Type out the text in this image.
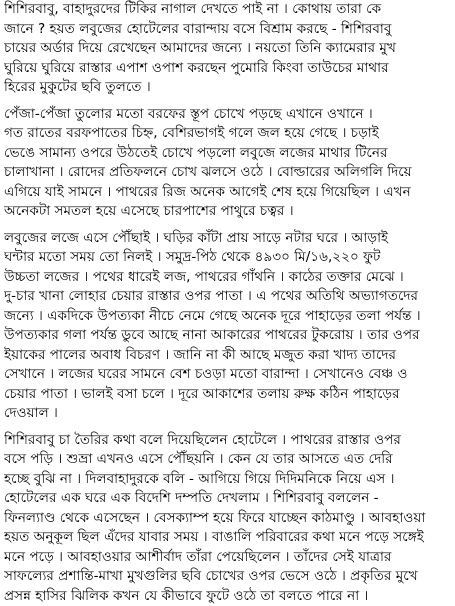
শিশিরবাবু, বাহাদুরদের টিকির নাগাল দেখতে পাই না । কোথায় তারা কে
জানে ? হয়ত লবুজের হোটেলের বারান্দায় বসে বিশ্রাম করছে - শিশিরবাবু
চায়ের অর্ডার দিয়ে রেখেছেন আমাদের জন্যে । নয়তো তিনি ক্যামেরার মুখ
ঘুরিয়ে ঘুরিয়ে রাস্তার এপাশ ওপাশ করছেন পুমোরি কিংবা তাউচের মাথার
হিরের মুকুটের ছবি তুলতে ।
পেঁজা-পেঁজা তুলোর মতো বরফের স্তূপ চোখে পড়ছে এখানে ওখানে ।
গত রাতের বরফপাতের চিহ্ন, বেশিরভাগই গলে জল হয়ে গেছে । চড়াই
ভেঙে সামান্য ওপরে উঠতেই চোখে পড়লো লবুজে লজের মাথার টিনের
চালাখানা । রোদের প্রতিফলনে চোখ ঝলসে ওঠে । বোল্ডারের অলিগলি দিয়ে
এগিয়ে যাই সামনে । পাথরের রিজ অনেক আগেই শেষ হয়ে গিয়েছিল । এখন
অনেকটা সমতল হয়ে এসেছে চারপাশের পাথুরে চত্বর ।
লবুজের লজে এসে পৌঁছাই । ঘড়ির কাঁটা প্রায় সাড়ে নটার ঘরে । আড়াই
ঘন্টার মতো সময় তো নিলই । সমুদ্র-পিঠ থেকে ৪৯৩০ মি/১৬,২২০ ফুট
উচ্চতা লজের । পথের ধারেই লজ, পাথরের গাঁথনি । কাঠের তক্তার মেঝে ।
দু-চার খানা লোহার চেয়ার রাস্তার ওপর পাতা । এ পথের অতিথি অভ্যাগতদের
জন্যে । একদিকে উপত্যকা নীচে নেমে গেছে অনেক দূরে পাহাড়ের তলা পর্যন্ত ।
উপত্যকার গলা পর্যন্ত ডুবে আছে নানা আকারের পাথরের টুকরোয় । তার ওপর
ইয়াকের পালের অবাধ বিচরণ । জানি না কী আছে মজুত করা খাদ্য তাদের
সেখানে । লজের ঘরের সামনে বেশ চওড়া মতো বারান্দা । সেখানেও বেঞ্চ ও
চেয়ার পাতা । ভালই বসা চলে । দূরে আকাশের তলায় রুক্ষ কঠিন পাহাড়ের
দেওয়াল ।
শিশিরবাবু চা তৈরির কথা বলে দিয়েছিলেন হোটেলে । পাথরের রাস্তার ওপর
বসে পড়ি । শুভ্রা এখনও এসে পৌঁছয়নি । কেন যে তার আসতে এত দেরি
হচ্ছে বুঝি না । দিলবাহাদুরকে বলি - আগিয়ে গিয়ে দিদিমনিকে নিয়ে এস ।
হোটেলের এক ঘরে এক বিদেশি দম্পতি দেখলাম । শিশিরবাবু বললেন -
ফিনল্যাণ্ড থেকে এসেছেন । বেসক্যাম্প হয়ে ফিরে যাচ্ছেন কাঠমাণ্ডু । আবহাওয়া
হয়ত অনুকূল ছিল এঁদের যাবার সময় । বাঙালি পরিবারের কথা মনে পড়ে সঙ্গেই
মনে পড়ে । আবহাওয়ার আশীর্বাদ তাঁরা পেয়েছিলেন । তাঁদের সেই যাত্রার
সাফল্যের প্রশান্তি-মাখা মুখগুলির ছবি চোখের ওপর ভেসে ওঠে । প্রকৃতির মুখে
প্রসন্ন হাসির ঝিলিক কখন যে কীভাবে ফুটে ওঠে তা বলতে পারে না ।
